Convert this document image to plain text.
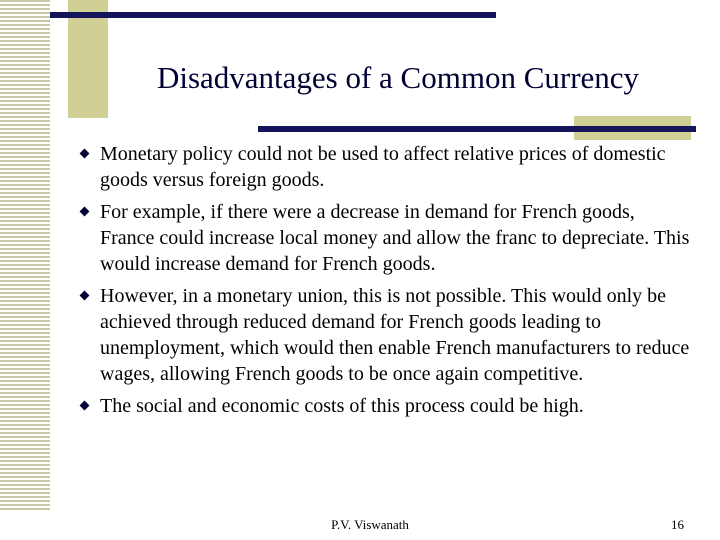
Disadvantages of a Common Currency
Monetary policy could not be used to affect relative prices of domestic goods versus foreign goods.
For example, if there were a decrease in demand for French goods, France could increase local money and allow the franc to depreciate. This would increase demand for French goods.
However, in a monetary union, this is not possible. This would only be achieved through reduced demand for French goods leading to unemployment, which would then enable French manufacturers to reduce wages, allowing French goods to be once again competitive.
The social and economic costs of this process could be high.
P.V. Viswanath	16
